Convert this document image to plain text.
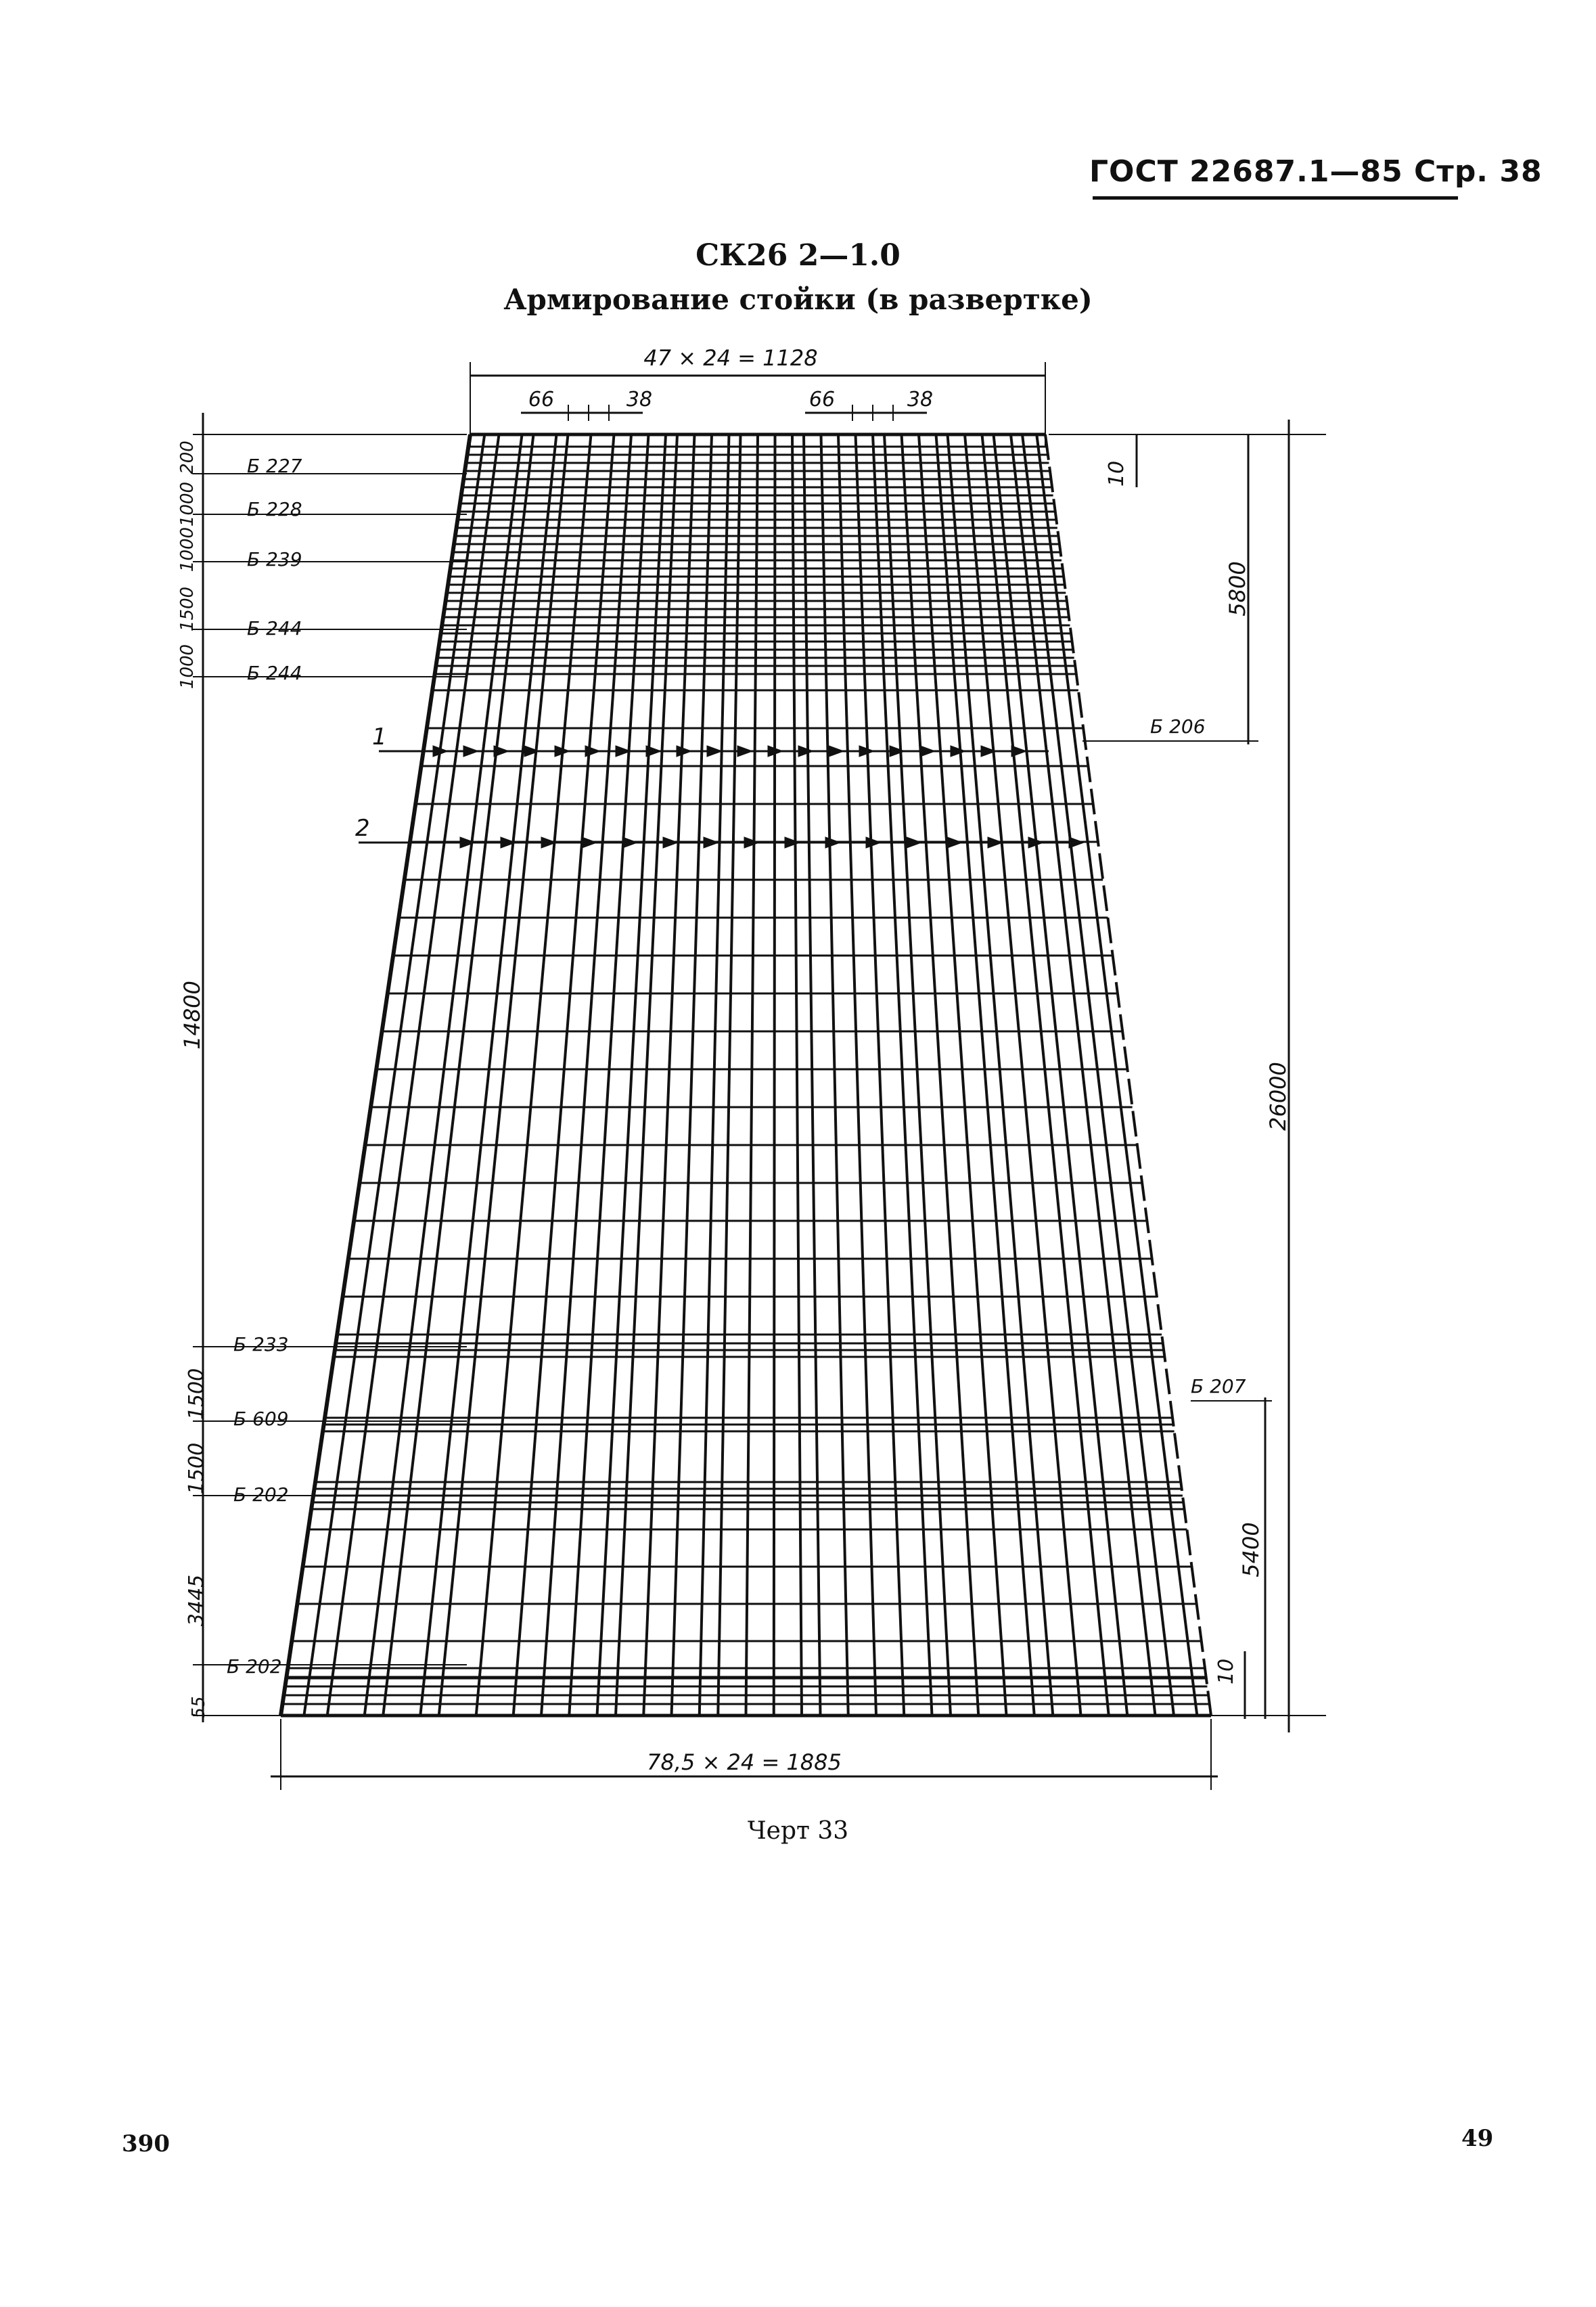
ГОСТ 22687.1—85 Стр. 38
СК26 2—1.0
Армирование стойки (в развертке)
47 × 24 = 1128
66	38	66	38
78,5 × 24 = 1885
10
5800
26000
5400
10
200
1000
1000
1500
1000
14800
1500
1500
3445
55
Б 227
Б 228
Б 239
Б 244
Б 244
Б 206
Б 233
Б 609
Б 202
Б 202
Б 207
1
2
Черт 33
49
390
